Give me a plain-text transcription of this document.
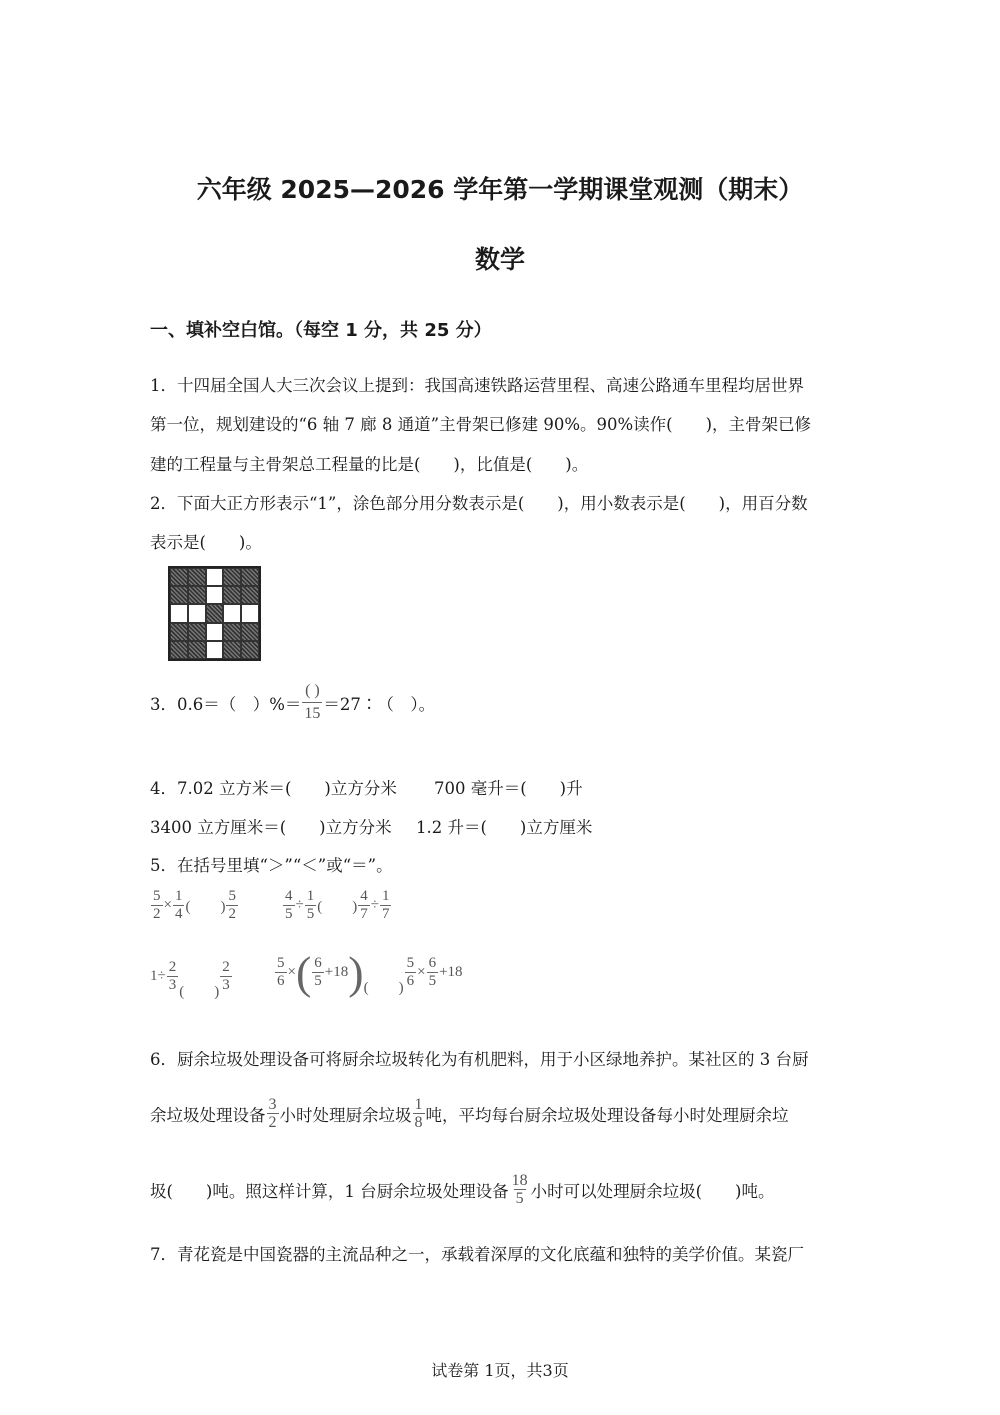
六年级 2025—2026 学年第一学期课堂观测（期末）
数学
一、填补空白馆。（每空 1 分，共 25 分）
1．十四届全国人大三次会议上提到：我国高速铁路运营里程、高速公路通车里程均居世界
第一位，规划建设的“6 轴 7 廊 8 通道”主骨架已修建 90%。90%读作(　　)，主骨架已修
建的工程量与主骨架总工程量的比是(　　)，比值是(　　)。
2．下面大正方形表示“1”，涂色部分用分数表示是(　　)，用小数表示是(　　)，用百分数
表示是(　　)。
3．0.6＝（　）%＝ $\frac{( )}{15}$ ＝27∶（　）。
4．7.02 立方米＝(　　)立方分米 700 毫升＝(　　)升
3400 立方厘米＝(　　)立方分米 1.2 升＝(　　)立方厘米
5．在括号里填“＞”“＜”或“＝”。
$\frac{5}{2} \times \frac{1}{4}$ (　　) $\frac{5}{2}$	$\frac{4}{5} \div \frac{1}{5}$ (　　) $\frac{4}{7} \div \frac{1}{7}$
$1 \div \frac{2}{3}$ (　　) $\frac{2}{3}$	$\frac{5}{6}$ × ( $\frac{6}{5} +18$ ) (　　) $\frac{5}{6} \times \frac{6}{5} +18$
6．厨余垃圾处理设备可将厨余垃圾转化为有机肥料，用于小区绿地养护。某社区的 3 台厨
余垃圾处理设备 $\frac{3}{2}$ 小时处理厨余垃圾 $\frac{1}{8}$ 吨，平均每台厨余垃圾处理设备每小时处理厨余垃
圾(　　)吨。照这样计算，1 台厨余垃圾处理设备 $\frac{18}{5}$ 小时可以处理厨余垃圾(　　)吨。
7．青花瓷是中国瓷器的主流品种之一，承载着深厚的文化底蕴和独特的美学价值。某瓷厂
试卷第 1页，共3页
